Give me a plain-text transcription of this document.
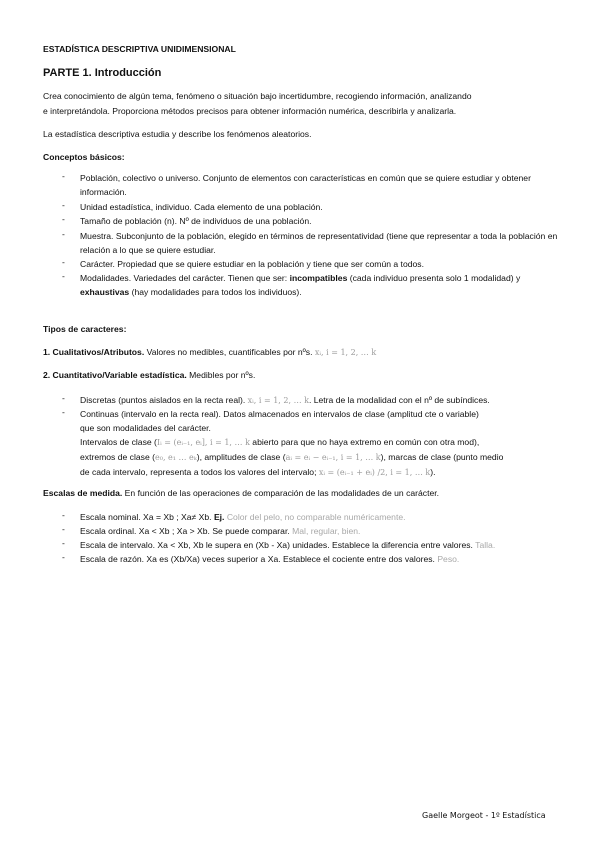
ESTADÍSTICA DESCRIPTIVA UNIDIMENSIONAL
PARTE 1. Introducción
Crea conocimiento de algún tema, fenómeno o situación bajo incertidumbre, recogiendo información, analizando
e interpretándola. Proporciona métodos precisos para obtener información numérica, describirla y analizarla.
La estadística descriptiva estudia y describe los fenómenos aleatorios.
Conceptos básicos:
- Población, colectivo o universo. Conjunto de elementos con características en común que se quiere estudiar y obtener información.
- Unidad estadística, individuo. Cada elemento de una población.
- Tamaño de población (n). Nº de individuos de una población.
- Muestra. Subconjunto de la población, elegido en términos de representatividad (tiene que representar a toda la población en relación a lo que se quiere estudiar.
- Carácter. Propiedad que se quiere estudiar en la población y tiene que ser común a todos.
- Modalidades. Variedades del carácter. Tienen que ser: incompatibles (cada individuo presenta solo 1 modalidad) y exhaustivas (hay modalidades para todos los individuos).
Tipos de caracteres:
1. Cualitativos/Atributos. Valores no medibles, cuantificables por nºs. xᵢ, i = 1, 2, … k
2. Cuantitativo/Variable estadística. Medibles por nºs.
- Discretas (puntos aislados en la recta real). xᵢ, i = 1, 2, … k. Letra de la modalidad con el nº de subíndices.
- Continuas (intervalo en la recta real). Datos almacenados en intervalos de clase (amplitud cte o variable)
que son modalidades del carácter.
Intervalos de clase (Iᵢ = (eᵢ₋₁, eᵢ], i = 1, … k abierto para que no haya extremo en común con otra mod),
extremos de clase (e₀, e₁ … eₖ), amplitudes de clase (aᵢ = eᵢ − eᵢ₋₁, i = 1, … k), marcas de clase (punto medio
de cada intervalo, representa a todos los valores del intervalo; xᵢ = (eᵢ₋₁ + eᵢ) /2, i = 1, … k).
Escalas de medida. En función de las operaciones de comparación de las modalidades de un carácter.
- Escala nominal. Xa = Xb ; Xa≠ Xb. Ej. Color del pelo, no comparable numéricamente.
- Escala ordinal. Xa < Xb ; Xa > Xb. Se puede comparar. Mal, regular, bien.
- Escala de intervalo. Xa < Xb, Xb le supera en (Xb - Xa) unidades. Establece la diferencia entre valores. Talla.
- Escala de razón. Xa es (Xb/Xa) veces superior a Xa. Establece el cociente entre dos valores. Peso.
Gaelle Morgeot - 1º Estadística
